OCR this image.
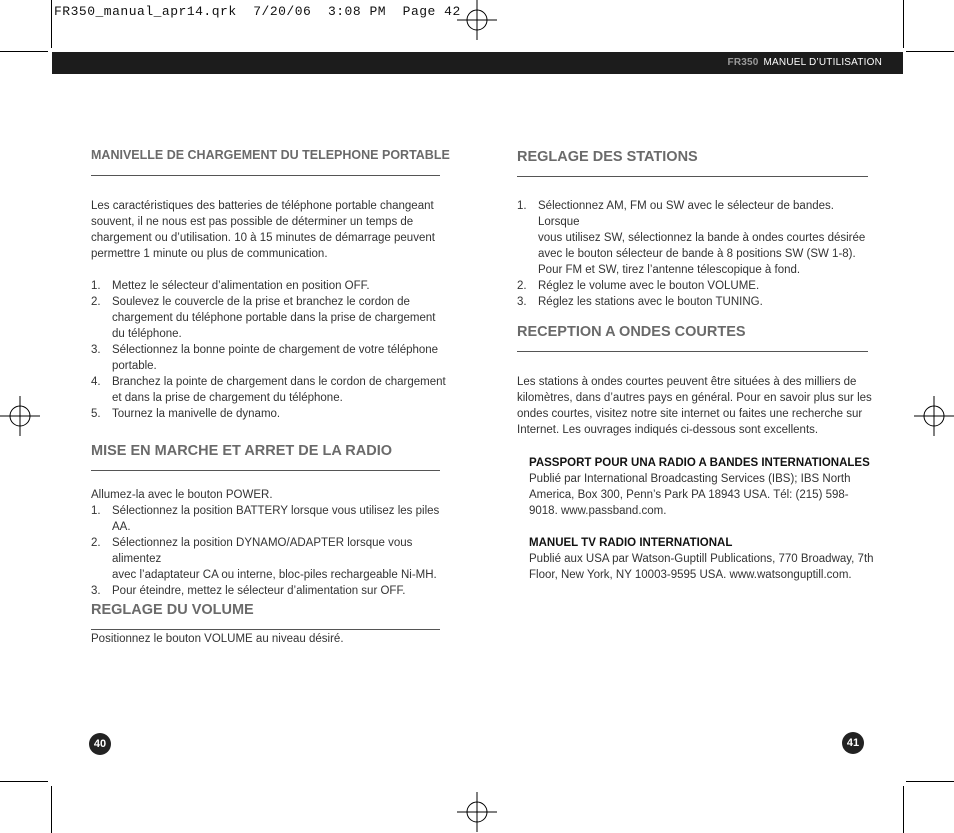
FR350_manual_apr14.qrk  7/20/06  3:08 PM  Page 42
FR350 MANUEL D’UTILISATION
MANIVELLE DE CHARGEMENT DU TELEPHONE PORTABLE
Les caractéristiques des batteries de téléphone portable changeant
souvent, il ne nous est pas possible de déterminer un temps de
chargement ou d’utilisation. 10 à 15 minutes de démarrage peuvent
permettre 1 minute ou plus de communication.
1. Mettez le sélecteur d’alimentation en position OFF.
2. Soulevez le couvercle de la prise et branchez le cordon de
chargement du téléphone portable dans la prise de chargement
du téléphone.
3. Sélectionnez la bonne pointe de chargement de votre téléphone
portable.
4. Branchez la pointe de chargement dans le cordon de chargement
et dans la prise de chargement du téléphone.
5. Tournez la manivelle de dynamo.
MISE EN MARCHE ET ARRET DE LA RADIO
Allumez-la avec le bouton POWER.
1. Sélectionnez la position BATTERY lorsque vous utilisez les piles AA.
2. Sélectionnez la position DYNAMO/ADAPTER lorsque vous alimentez
avec l’adaptateur CA ou interne, bloc-piles rechargeable Ni-MH.
3. Pour éteindre, mettez le sélecteur d’alimentation sur OFF.
REGLAGE DU VOLUME
Positionnez le bouton VOLUME au niveau désiré.
40
REGLAGE DES STATIONS
1. Sélectionnez AM, FM ou SW avec le sélecteur de bandes. Lorsque
vous utilisez SW, sélectionnez la bande à ondes courtes désirée
avec le bouton sélecteur de bande à 8 positions SW (SW 1-8).
Pour FM et SW, tirez l’antenne télescopique à fond.
2. Réglez le volume avec le bouton VOLUME.
3. Réglez les stations avec le bouton TUNING.
RECEPTION A ONDES COURTES
Les stations à ondes courtes peuvent être situées à des milliers de
kilomètres, dans d’autres pays en général. Pour en savoir plus sur les
ondes courtes, visitez notre site internet ou faites une recherche sur
Internet. Les ouvrages indiqués ci-dessous sont excellents.
PASSPORT POUR UNA RADIO A BANDES INTERNATIONALES
Publié par International Broadcasting Services (IBS); IBS North
America, Box 300, Penn’s Park PA 18943 USA. Tél: (215) 598-
9018. www.passband.com.
MANUEL TV RADIO INTERNATIONAL
Publié aux USA par Watson-Guptill Publications, 770 Broadway, 7th
Floor, New York, NY 10003-9595 USA. www.watsonguptill.com.
41
